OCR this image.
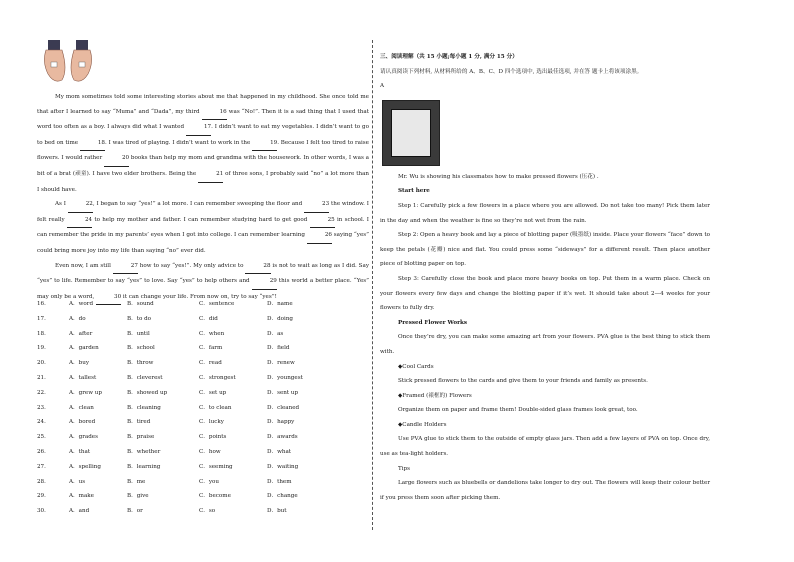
My mom sometimes told some interesting stories about me that happened in my childhood. She once told me that after I learned to say “Muma” and “Dada”, my third	16 was “No!”. Then it is a sad thing that I used that word too often as a boy. I always did what I wanted	17. I didn’t want to eat my vegetables. I didn’t want to go to bed on time	18. I was tired of playing. I didn’t want to work in the	19. Because I felt too tired to raise flowers. I would rather	20 books than help my mom and grandma with the housework. In other words, I was a bit of a brat (顽童). I have two elder brothers. Being the	21 of three sons, I probably said “no” a lot more than I should have.

As I	22, I began to say “yes!” a lot more. I can remember sweeping the floor and	23 the window. I felt really	24 to help my mother and father. I can remember studying hard to get good	25 in school. I can remember the pride in my parents’ eyes when I got into college. I can remember learning	26 saying “yes” could bring more joy into my life than saying “no” ever did.

Even now, I am still	27 how to say “yes!”. My only advice to	28 is not to wait as long as I did. Say “yes” to life. Remember to say “yes” to love. Say “yes” to help others and	29 this world a better place. “Yes” may only be a word,	30 it can change your life. From now on, try to say “yes”!

16．	A．word	B．sound	C．sentence	D．name
17．	A．do	B．to do	C．did	D．doing
18．	A．after	B．until	C．when	D．as
19．	A．garden	B．school	C．farm	D．field
20．	A．buy	B．throw	C．read	D．renew
21．	A．tallest	B．cleverest	C．strongest	D．youngest
22．	A．grew up	B．showed up	C．set up	D．sent up
23．	A．clean	B．cleaning	C．to clean	D．cleaned
24．	A．bored	B．tired	C．lucky	D．happy
25．	A．grades	B．praise	C．points	D．awards
26．	A．that	B．whether	C．how	D．what
27．	A．spelling	B．learning	C．seeming	D．waiting
28．	A．us	B．me	C．you	D．them
29．	A．make	B．give	C．become	D．change
30．	A．and	B．or	C．so	D．but

三、阅读理解（共 15 小题;每小题 1 分, 满分 15 分）

请认真阅读下列材料, 从材料所给的 A、B、C、D 四个选项中, 选出最佳选项, 并在答 题卡上将该项涂黑。

A

Mr. Wu is showing his classmates how to make pressed flowers (压花) .

Start here

Step 1: Carefully pick a few flowers in a place where you are allowed. Do not take too many! Pick them later in the day and when the weather is fine so they’re not wet from the rain.

Step 2: Open a heavy book and lay a piece of blotting paper (吸墨纸) inside. Place your flowers “face” down to keep the petals (花瓣) nice and flat. You could press some “sideways” for a different result. Then place another piece of blotting paper on top.

Step 3: Carefully close the book and place more heavy books on top. Put them in a warm place. Check on your flowers every few days and change the blotting paper if it’s wet. It should take about 2—4 weeks for your flowers to fully dry.

Pressed Flower Works

Once they’re dry, you can make some amazing art from your flowers. PVA glue is the best thing to stick them with.

◆Cool Cards

Stick pressed flowers to the cards and give them to your friends and family as presents.

◆Framed (裱框的) Flowers

Organize them on paper and frame them! Double-sided glass frames look great, too.

◆Candle Holders

Use PVA glue to stick them to the outside of empty glass jars. Then add a few layers of PVA on top. Once dry, use as tea-light holders.

Tips

Large flowers such as bluebells or dandelions take longer to dry out. The flowers will keep their colour better if you press them soon after picking them.
